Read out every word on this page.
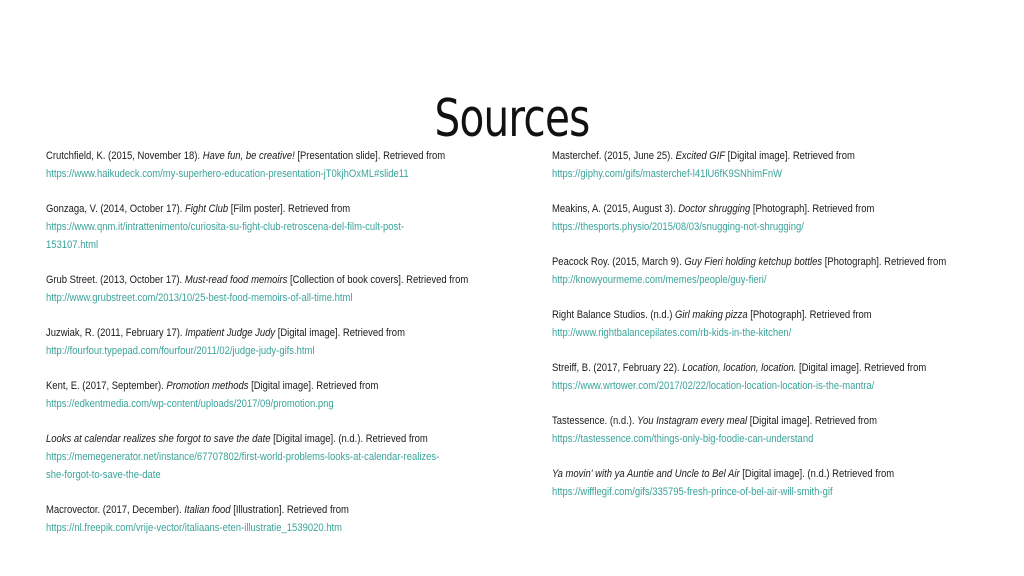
Sources
Crutchfield, K. (2015, November 18). Have fun, be creative! [Presentation slide]. Retrieved from
https://www.haikudeck.com/my-superhero-education-presentation-jT0kjhOxML#slide11
Gonzaga, V. (2014, October 17). Fight Club [Film poster]. Retrieved from
https://www.qnm.it/intrattenimento/curiosita-su-fight-club-retroscena-del-film-cult-post-
153107.html
Grub Street. (2013, October 17). Must-read food memoirs [Collection of book covers]. Retrieved from
http://www.grubstreet.com/2013/10/25-best-food-memoirs-of-all-time.html
Juzwiak, R. (2011, February 17). Impatient Judge Judy [Digital image]. Retrieved from
http://fourfour.typepad.com/fourfour/2011/02/judge-judy-gifs.html
Kent, E. (2017, September). Promotion methods [Digital image]. Retrieved from
https://edkentmedia.com/wp-content/uploads/2017/09/promotion.png
Looks at calendar realizes she forgot to save the date [Digital image]. (n.d.). Retrieved from
https://memegenerator.net/instance/67707802/first-world-problems-looks-at-calendar-realizes-
she-forgot-to-save-the-date
Macrovector. (2017, December). Italian food [Illustration]. Retrieved from
https://nl.freepik.com/vrije-vector/italiaans-eten-illustratie_1539020.htm
Masterchef. (2015, June 25). Excited GIF [Digital image]. Retrieved from
https://giphy.com/gifs/masterchef-l41lU6fK9SNhimFnW
Meakins, A. (2015, August 3). Doctor shrugging [Photograph]. Retrieved from
https://thesports.physio/2015/08/03/snugging-not-shrugging/
Peacock Roy. (2015, March 9). Guy Fieri holding ketchup bottles [Photograph]. Retrieved from
http://knowyourmeme.com/memes/people/guy-fieri/
Right Balance Studios. (n.d.) Girl making pizza [Photograph]. Retrieved from
http://www.rightbalancepilates.com/rb-kids-in-the-kitchen/
Streiff, B. (2017, February 22). Location, location, location. [Digital image]. Retrieved from
https://www.wrtower.com/2017/02/22/location-location-location-is-the-mantra/
Tastessence. (n.d.). You Instagram every meal [Digital image]. Retrieved from
https://tastessence.com/things-only-big-foodie-can-understand
Ya movin' with ya Auntie and Uncle to Bel Air [Digital image]. (n.d.) Retrieved from
https://wifflegif.com/gifs/335795-fresh-prince-of-bel-air-will-smith-gif
